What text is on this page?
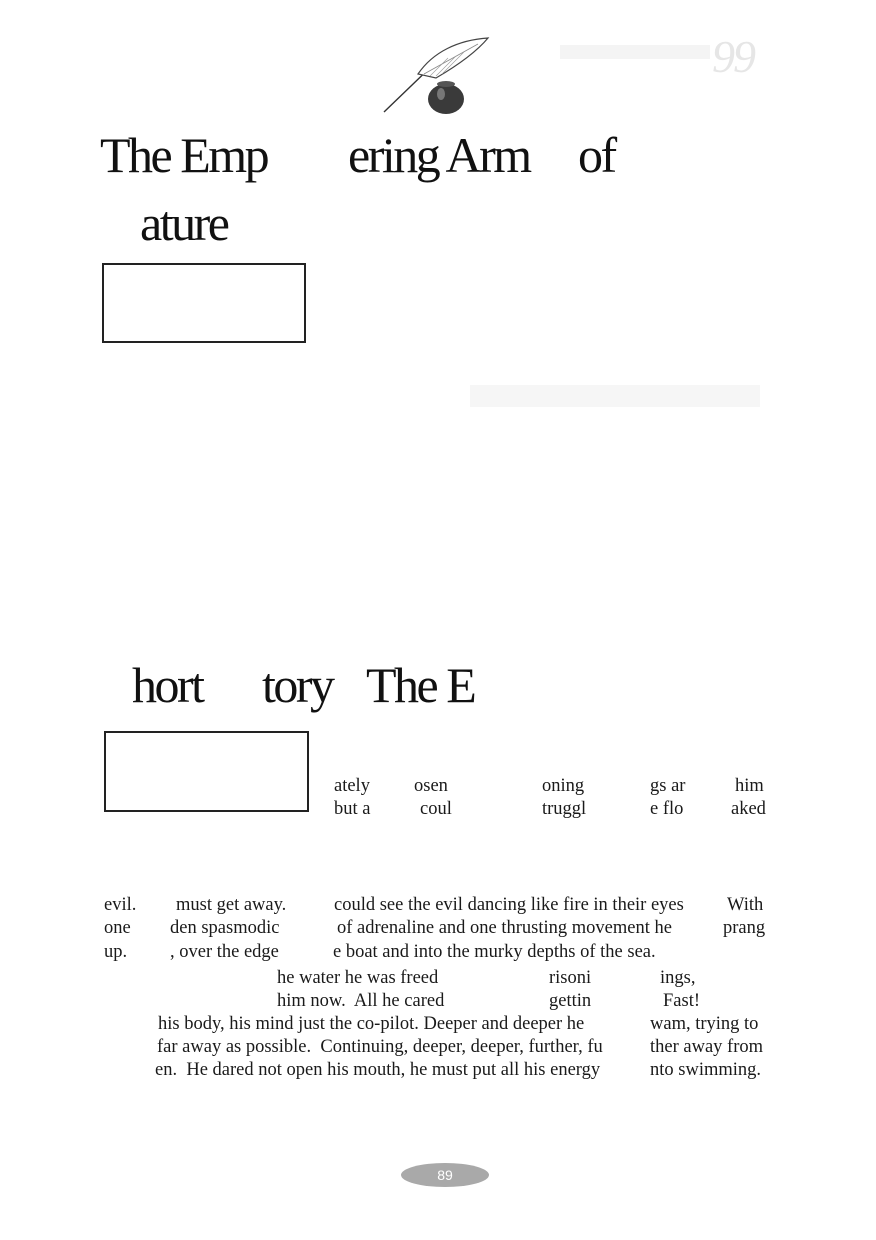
99
The Emp ering Arm of
ature
hort tory The E
ately osen	oning	gs ar	him
but a	coul	truggl	e flo	aked
evil. must get away.	could see the evil dancing like fire in their eyes With
one den spasmodic	of adrenaline and one thrusting movement he	prang
up. , over the edge	e boat and into the murky depths of the sea.
he water he was freed	risoni	ings,
him now.  All he cared	gettin	Fast!
his body, his mind just the co-pilot. Deeper and deeper he	wam, trying to
far away as possible.  Continuing, deeper, deeper, further, fu	ther away from
en.  He dared not open his mouth, he must put all his energy	nto swimming.
89
